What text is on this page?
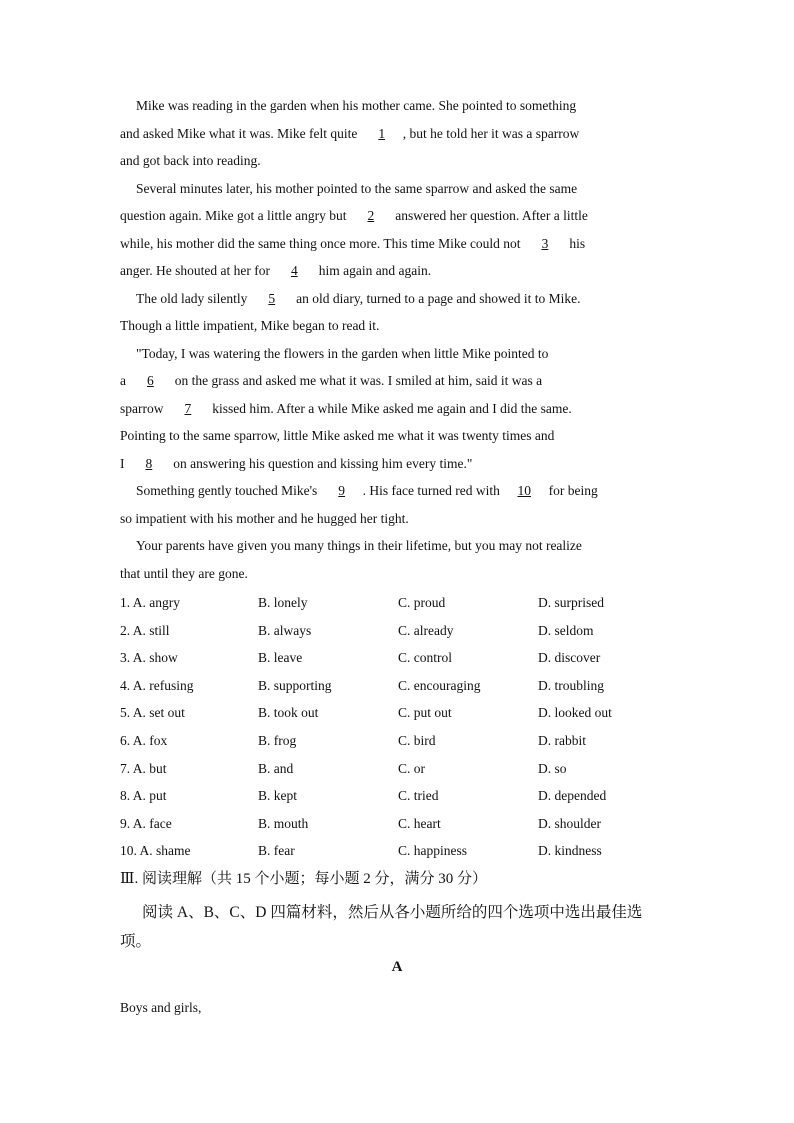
Mike was reading in the garden when his mother came. She pointed to something
and asked Mike what it was. Mike felt quite 1 , but he told her it was a sparrow
and got back into reading.
Several minutes later, his mother pointed to the same sparrow and asked the same
question again. Mike got a little angry but 2 answered her question. After a little
while, his mother did the same thing once more. This time Mike could not 3 his
anger. He shouted at her for 4 him again and again.
The old lady silently 5 an old diary, turned to a page and showed it to Mike.
Though a little impatient, Mike began to read it.
"Today, I was watering the flowers in the garden when little Mike pointed to
a 6 on the grass and asked me what it was. I smiled at him, said it was a
sparrow 7 kissed him. After a while Mike asked me again and I did the same.
Pointing to the same sparrow, little Mike asked me what it was twenty times and
I 8 on answering his question and kissing him every time."
Something gently touched Mike's 9 . His face turned red with 10 for being
so impatient with his mother and he hugged her tight.
Your parents have given you many things in their lifetime, but you may not realize
that until they are gone.
1. A. angry	B. lonely	C. proud	D. surprised
2. A. still	B. always	C. already	D. seldom
3. A. show	B. leave	C. control	D. discover
4. A. refusing	B. supporting	C. encouraging	D. troubling
5. A. set out	B. took out	C. put out	D. looked out
6. A. fox	B. frog	C. bird	D. rabbit
7. A. but	B. and	C. or	D. so
8. A. put	B. kept	C. tried	D. depended
9. A. face	B. mouth	C. heart	D. shoulder
10. A. shame	B. fear	C. happiness	D. kindness
Ⅲ. 阅读理解（共 15 个小题；每小题 2 分，满分 30 分）
阅读 A、B、C、D 四篇材料，然后从各小题所给的四个选项中选出最佳选
项。
A
Boys and girls,
